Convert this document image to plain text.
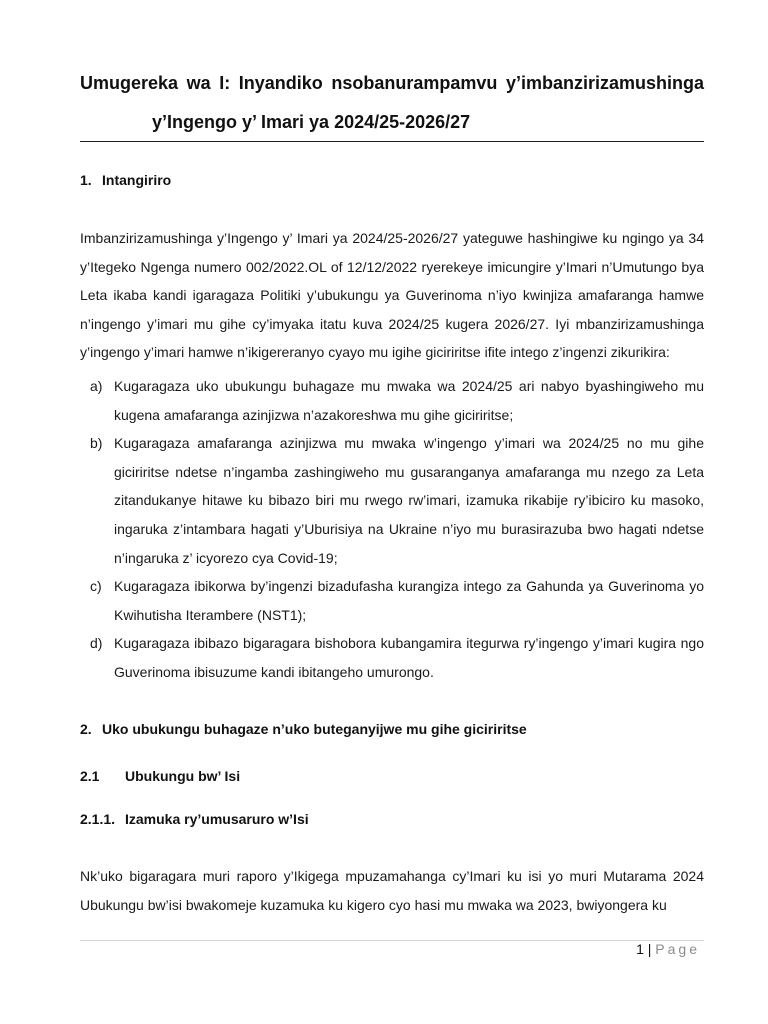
Umugereka wa I: Inyandiko nsobanurampamvu y’imbanzirizamushinga
y’Ingengo y’ Imari ya 2024/25-2026/27
1. Intangiriro
Imbanzirizamushinga y’Ingengo y’ Imari ya 2024/25-2026/27 yateguwe hashingiwe ku ngingo ya 34 y’Itegeko Ngenga numero 002/2022.OL of 12/12/2022 ryerekeye imicungire y’Imari n’Umutungo bya Leta ikaba kandi igaragaza Politiki y’ubukungu ya Guverinoma n’iyo kwinjiza amafaranga hamwe n’ingengo y’imari mu gihe cy’imyaka itatu kuva 2024/25 kugera 2026/27. Iyi mbanzirizamushinga y’ingengo y’imari hamwe n’ikigereranyo cyayo mu igihe giciriritse ifite intego z’ingenzi zikurikira:
a) Kugaragaza uko ubukungu buhagaze mu mwaka wa 2024/25 ari nabyo byashingiweho mu kugena amafaranga azinjizwa n’azakoreshwa mu gihe giciriritse;
b) Kugaragaza amafaranga azinjizwa mu mwaka w’ingengo y’imari wa 2024/25 no mu gihe giciriritse ndetse n’ingamba zashingiweho mu gusaranganya amafaranga mu nzego za Leta zitandukanye hitawe ku bibazo biri mu rwego rw’imari, izamuka rikabije ry’ibiciro ku masoko, ingaruka z’intambara hagati y’Uburisiya na Ukraine n’iyo mu burasirazuba bwo hagati ndetse n’ingaruka z’ icyorezo cya Covid-19;
c) Kugaragaza ibikorwa by’ingenzi bizadufasha kurangiza intego za Gahunda ya Guverinoma yo Kwihutisha Iterambere (NST1);
d) Kugaragaza ibibazo bigaragara bishobora kubangamira itegurwa ry’ingengo y’imari kugira ngo Guverinoma ibisuzume kandi ibitangeho umurongo.
2. Uko ubukungu buhagaze n’uko buteganyijwe mu gihe giciriritse
2.1 Ubukungu bw’ Isi
2.1.1. Izamuka ry’umusaruro w’Isi
Nk’uko bigaragara muri raporo y’Ikigega mpuzamahanga cy’Imari ku isi yo muri Mutarama 2024 Ubukungu bw’isi bwakomeje kuzamuka ku kigero cyo hasi mu mwaka wa 2023, bwiyongera ku
1 | Page
